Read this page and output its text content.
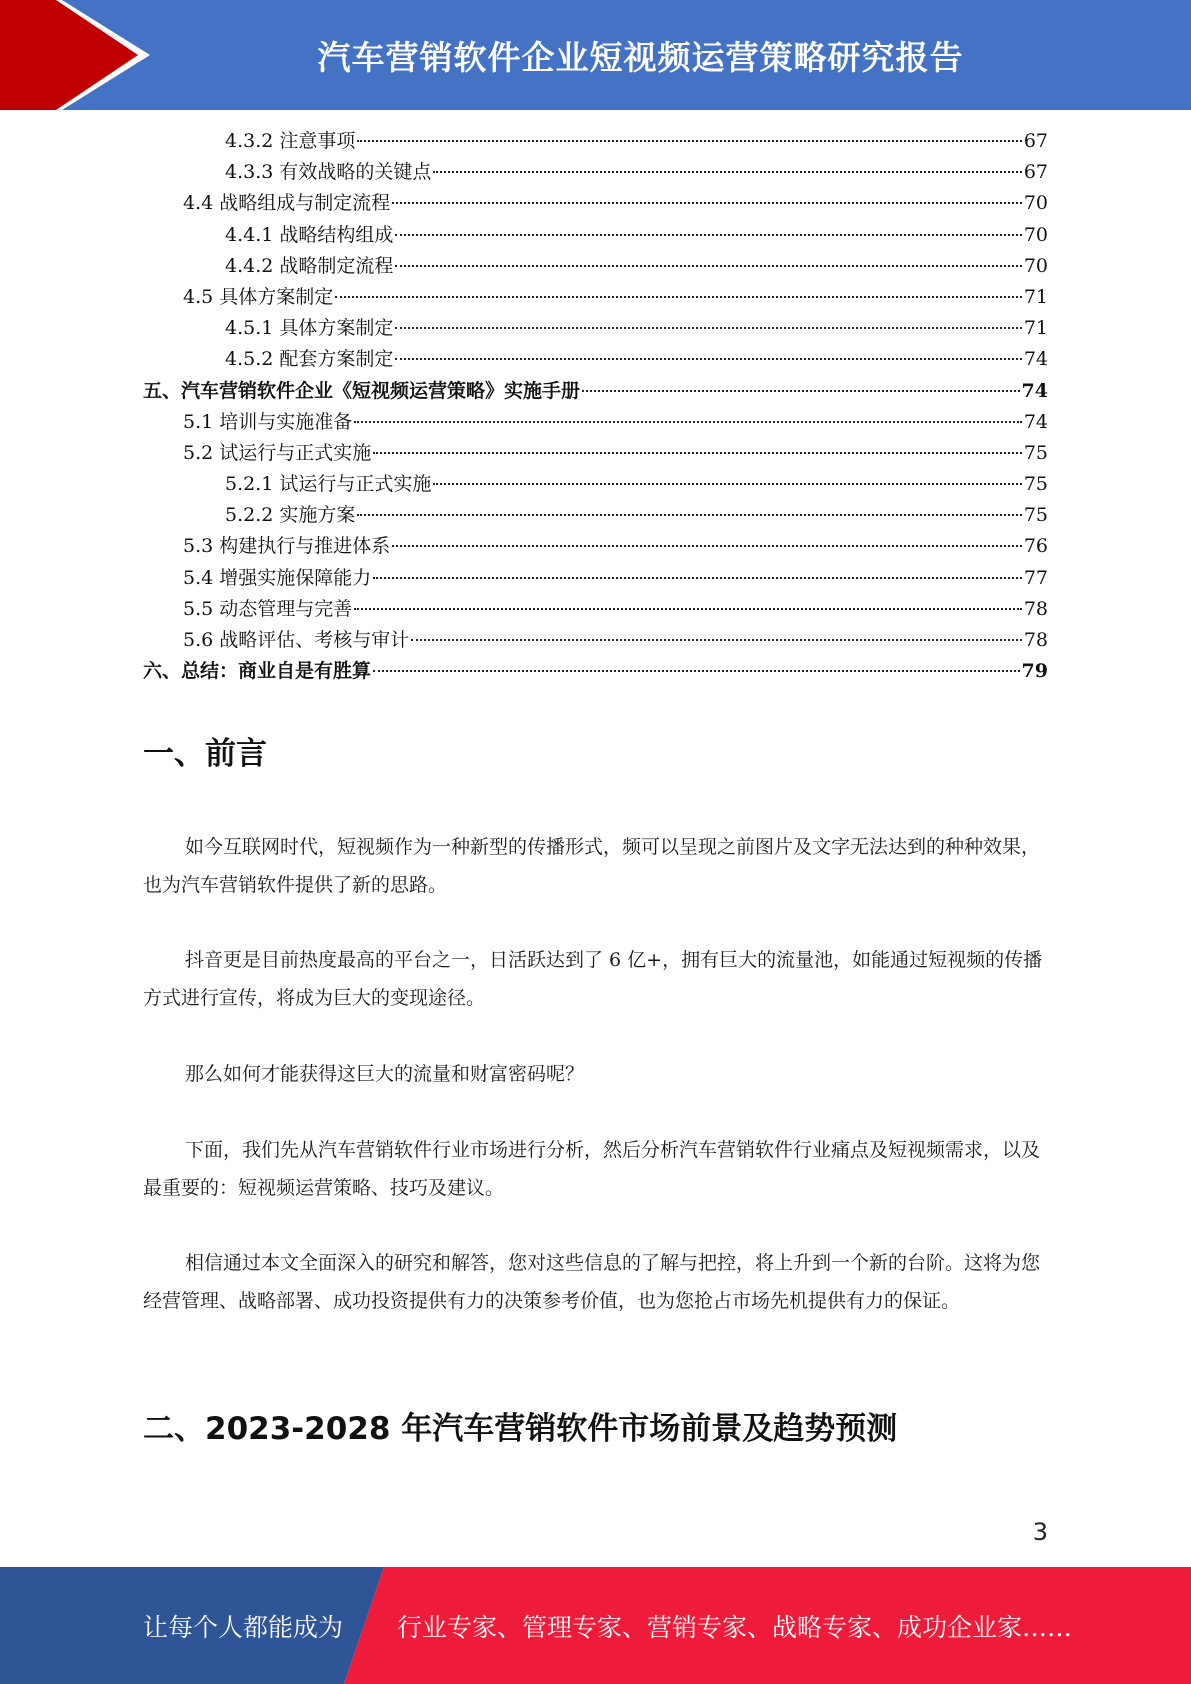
汽车营销软件企业短视频运营策略研究报告
4.3.2 注意事项	67
4.3.3 有效战略的关键点	67
4.4 战略组成与制定流程	70
4.4.1 战略结构组成	70
4.4.2 战略制定流程	70
4.5 具体方案制定	71
4.5.1 具体方案制定	71
4.5.2 配套方案制定	74
五、汽车营销软件企业《短视频运营策略》实施手册	74
5.1 培训与实施准备	74
5.2 试运行与正式实施	75
5.2.1 试运行与正式实施	75
5.2.2 实施方案	75
5.3 构建执行与推进体系	76
5.4 增强实施保障能力	77
5.5 动态管理与完善	78
5.6 战略评估、考核与审计	78
六、总结：商业自是有胜算	79
一、前言
如今互联网时代，短视频作为一种新型的传播形式，频可以呈现之前图片及文字无法达到的种种效果，也为汽车营销软件提供了新的思路。
抖音更是目前热度最高的平台之一，日活跃达到了 6 亿+，拥有巨大的流量池，如能通过短视频的传播方式进行宣传，将成为巨大的变现途径。
那么如何才能获得这巨大的流量和财富密码呢？
下面，我们先从汽车营销软件行业市场进行分析，然后分析汽车营销软件行业痛点及短视频需求，以及最重要的：短视频运营策略、技巧及建议。
相信通过本文全面深入的研究和解答，您对这些信息的了解与把控，将上升到一个新的台阶。这将为您经营管理、战略部署、成功投资提供有力的决策参考价值，也为您抢占市场先机提供有力的保证。
二、2023-2028 年汽车营销软件市场前景及趋势预测
3
让每个人都能成为 行业专家、管理专家、营销专家、战略专家、成功企业家……
